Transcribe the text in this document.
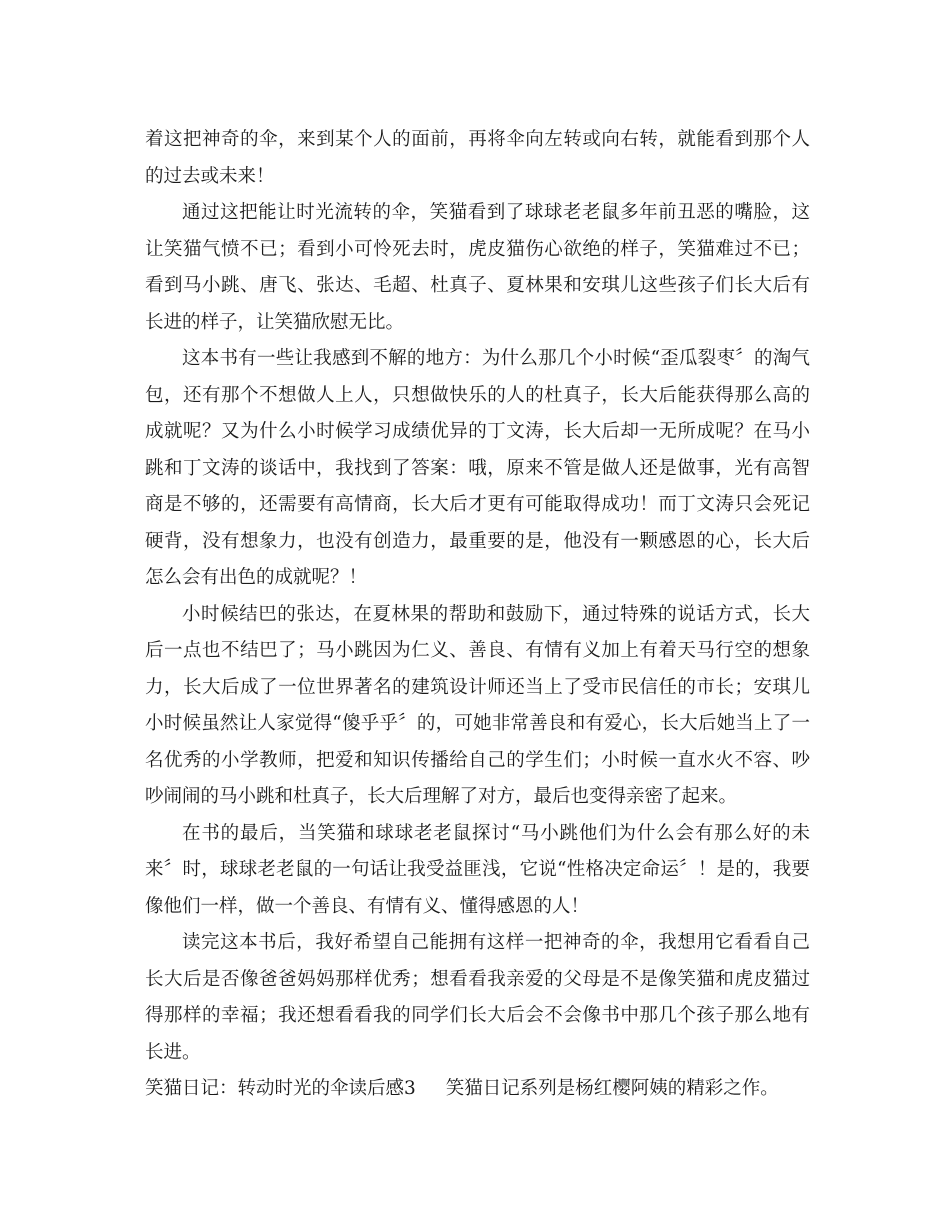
着这把神奇的伞，来到某个人的面前，再将伞向左转或向右转，就能看到那个人的过去或未来！

通过这把能让时光流转的伞，笑猫看到了球球老老鼠多年前丑恶的嘴脸，这让笑猫气愤不已；看到小可怜死去时，虎皮猫伤心欲绝的样子，笑猫难过不已；看到马小跳、唐飞、张达、毛超、杜真子、夏林果和安琪儿这些孩子们长大后有长进的样子，让笑猫欣慰无比。

这本书有一些让我感到不解的地方：为什么那几个小时候“歪瓜裂枣〞的淘气包，还有那个不想做人上人，只想做快乐的人的杜真子，长大后能获得那么高的成就呢？又为什么小时候学习成绩优异的丁文涛，长大后却一无所成呢？在马小跳和丁文涛的谈话中，我找到了答案：哦，原来不管是做人还是做事，光有高智商是不够的，还需要有高情商，长大后才更有可能取得成功！而丁文涛只会死记硬背，没有想象力，也没有创造力，最重要的是，他没有一颗感恩的心，长大后怎么会有出色的成就呢？！

小时候结巴的张达，在夏林果的帮助和鼓励下，通过特殊的说话方式，长大后一点也不结巴了；马小跳因为仁义、善良、有情有义加上有着天马行空的想象力，长大后成了一位世界著名的建筑设计师还当上了受市民信任的市长；安琪儿小时候虽然让人家觉得“傻乎乎〞的，可她非常善良和有爱心，长大后她当上了一名优秀的小学教师，把爱和知识传播给自己的学生们；小时候一直水火不容、吵吵闹闹的马小跳和杜真子，长大后理解了对方，最后也变得亲密了起来。

在书的最后，当笑猫和球球老老鼠探讨“马小跳他们为什么会有那么好的未来〞时，球球老老鼠的一句话让我受益匪浅，它说“性格决定命运〞！是的，我要像他们一样，做一个善良、有情有义、懂得感恩的人！

读完这本书后，我好希望自己能拥有这样一把神奇的伞，我想用它看看自己长大后是否像爸爸妈妈那样优秀；想看看我亲爱的父母是不是像笑猫和虎皮猫过得那样的幸福；我还想看看我的同学们长大后会不会像书中那几个孩子那么地有长进。

笑猫日记：转动时光的伞读后感3 笑猫日记系列是杨红樱阿姨的精彩之作。
